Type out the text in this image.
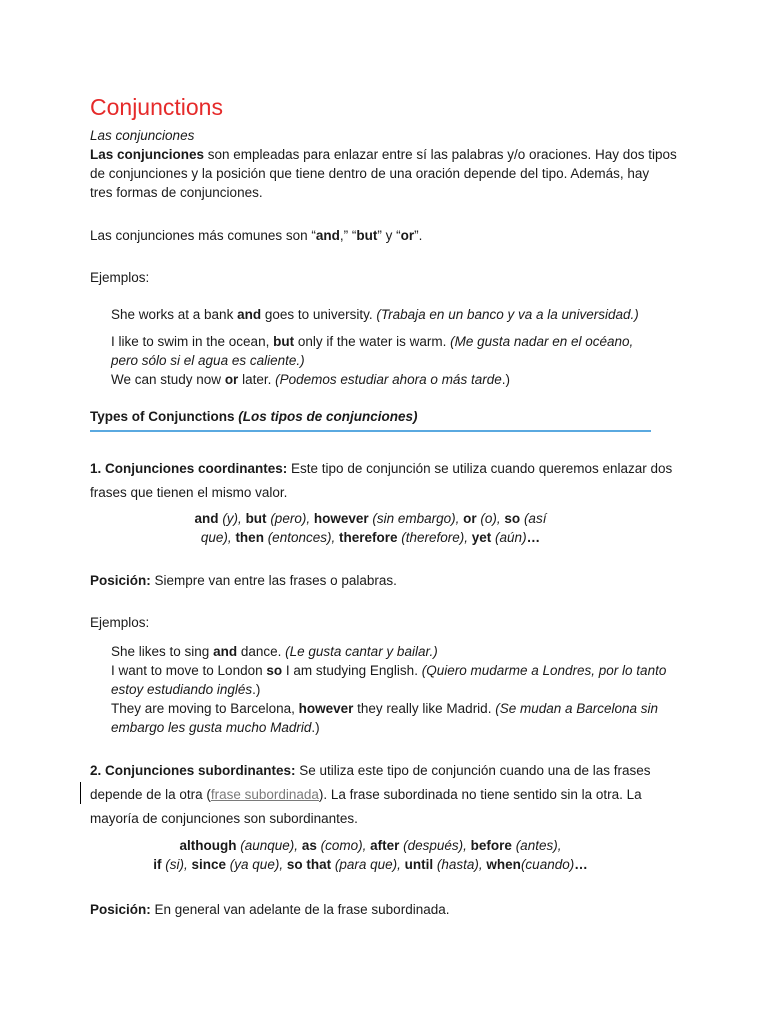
Conjunctions

Las conjunciones

Las conjunciones son empleadas para enlazar entre sí las palabras y/o oraciones. Hay dos tipos
de conjunciones y la posición que tiene dentro de una oración depende del tipo. Además, hay
tres formas de conjunciones.

Las conjunciones más comunes son “and,” “but” y “or”.

Ejemplos:

She works at a bank and goes to university. (Trabaja en un banco y va a la universidad.)

I like to swim in the ocean, but only if the water is warm. (Me gusta nadar en el océano,
pero sólo si el agua es caliente.)
We can study now or later. (Podemos estudiar ahora o más tarde.)

Types of Conjunctions (Los tipos de conjunciones)

1. Conjunciones coordinantes: Este tipo de conjunción se utiliza cuando queremos enlazar dos
frases que tienen el mismo valor.

and (y), but (pero), however (sin embargo), or (o), so (así
que), then (entonces), therefore (therefore), yet (aún)…

Posición: Siempre van entre las frases o palabras.

Ejemplos:

She likes to sing and dance. (Le gusta cantar y bailar.)
I want to move to London so I am studying English. (Quiero mudarme a Londres, por lo tanto
estoy estudiando inglés.)
They are moving to Barcelona, however they really like Madrid. (Se mudan a Barcelona sin
embargo les gusta mucho Madrid.)

2. Conjunciones subordinantes: Se utiliza este tipo de conjunción cuando una de las frases
depende de la otra (frase subordinada). La frase subordinada no tiene sentido sin la otra. La
mayoría de conjunciones son subordinantes.

although (aunque), as (como), after (después), before (antes),
if (si), since (ya que), so that (para que), until (hasta), when(cuando)…

Posición: En general van adelante de la frase subordinada.
